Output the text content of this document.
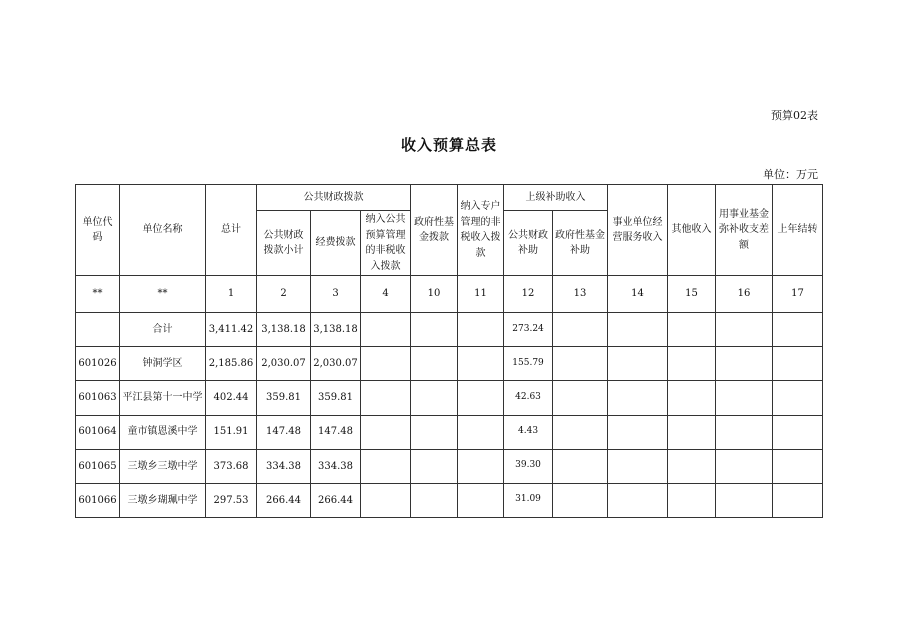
预算02表
收入预算总表
单位：万元
单位代码	单位名称	总计	公共财政拨款			政府性基金拨款	纳入专户管理的非税收入拨款	上级补助收入		事业单位经营服务收入	其他收入	用事业基金弥补收支差额	上年结转
			公共财政拨款小计	经费拨款	纳入公共预算管理的非税收入拨款			公共财政补助	政府性基金补助				
**	**	1	2	3	4	10	11	12	13	14	15	16	17
	合计	3,411.42	3,138.18	3,138.18				273.24					
601026	钟洞学区	2,185.86	2,030.07	2,030.07				155.79					
601063	平江县第十一中学	402.44	359.81	359.81				42.63					
601064	童市镇恩溪中学	151.91	147.48	147.48				4.43					
601065	三墩乡三墩中学	373.68	334.38	334.38				39.30					
601066	三墩乡瑚珮中学	297.53	266.44	266.44				31.09					
